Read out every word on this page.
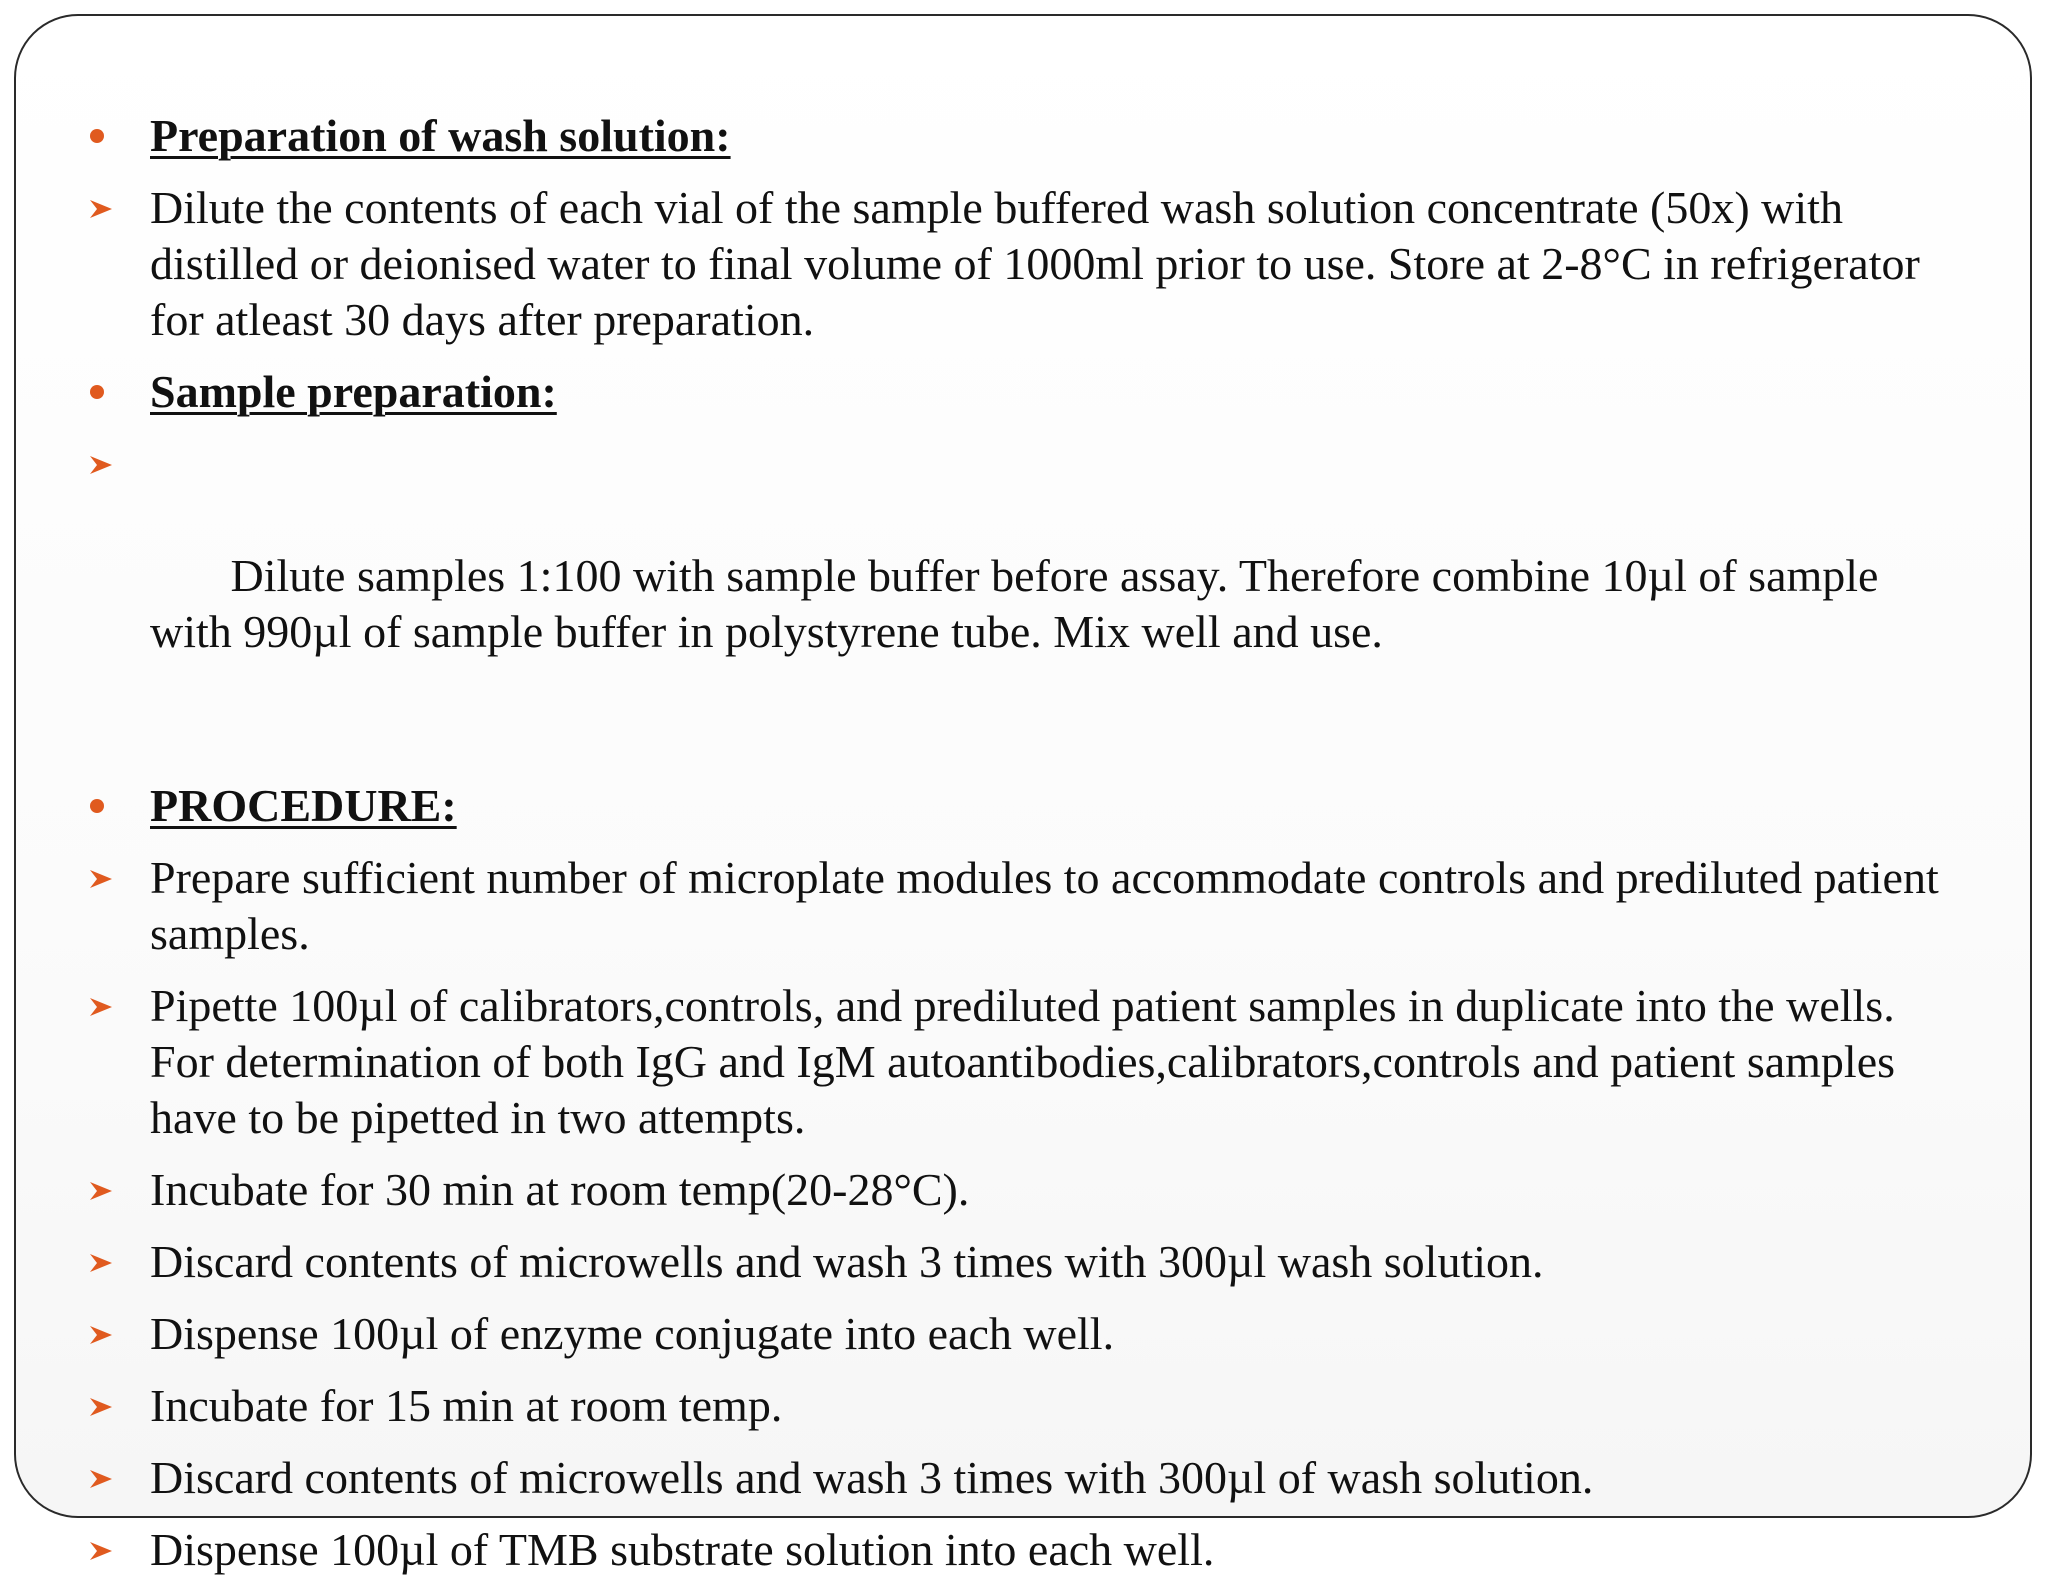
Preparation of wash solution:
Dilute the contents of each vial of the sample buffered wash solution concentrate (50x) with distilled or deionised water to final volume of 1000ml prior to use. Store at 2-8°C in refrigerator for atleast 30 days after preparation.
Sample preparation:

Dilute samples 1:100 with sample buffer before assay. Therefore combine 10µl of sample with 990µl of sample buffer in polystyrene tube. Mix well and use.

PROCEDURE:
Prepare sufficient number of microplate modules to accommodate controls and prediluted patient samples.
Pipette 100µl of calibrators,controls, and prediluted patient samples in duplicate into the wells. For determination of both IgG and IgM autoantibodies,calibrators,controls and patient samples have to be pipetted in two attempts.
Incubate for 30 min at room temp(20-28°C).
Discard contents of microwells and wash 3 times with 300µl wash solution.
Dispense 100µl of enzyme conjugate into each well.
Incubate for 15 min at room temp.
Discard contents of microwells and wash 3 times with 300µl of wash solution.
Dispense 100µl of TMB substrate solution into each well.
